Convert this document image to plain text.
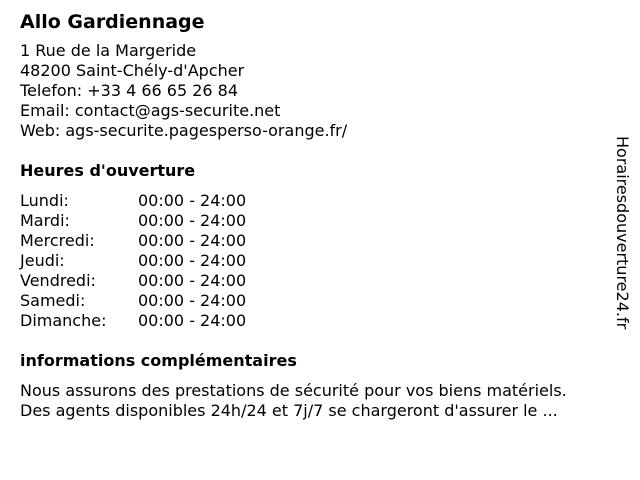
Allo Gardiennage
1 Rue de la Margeride
48200 Saint-Chély-d'Apcher
Telefon: +33 4 66 65 26 84
Email: contact@ags-securite.net
Web: ags-securite.pagesperso-orange.fr/
Heures d'ouverture
Lundi:	00:00 - 24:00
Mardi:	00:00 - 24:00
Mercredi:	00:00 - 24:00
Jeudi:	00:00 - 24:00
Vendredi:	00:00 - 24:00
Samedi:	00:00 - 24:00
Dimanche:	00:00 - 24:00
informations complémentaires
Nous assurons des prestations de sécurité pour vos biens matériels.
Des agents disponibles 24h/24 et 7j/7 se chargeront d'assurer le ...
Horairesdouverture24.fr
